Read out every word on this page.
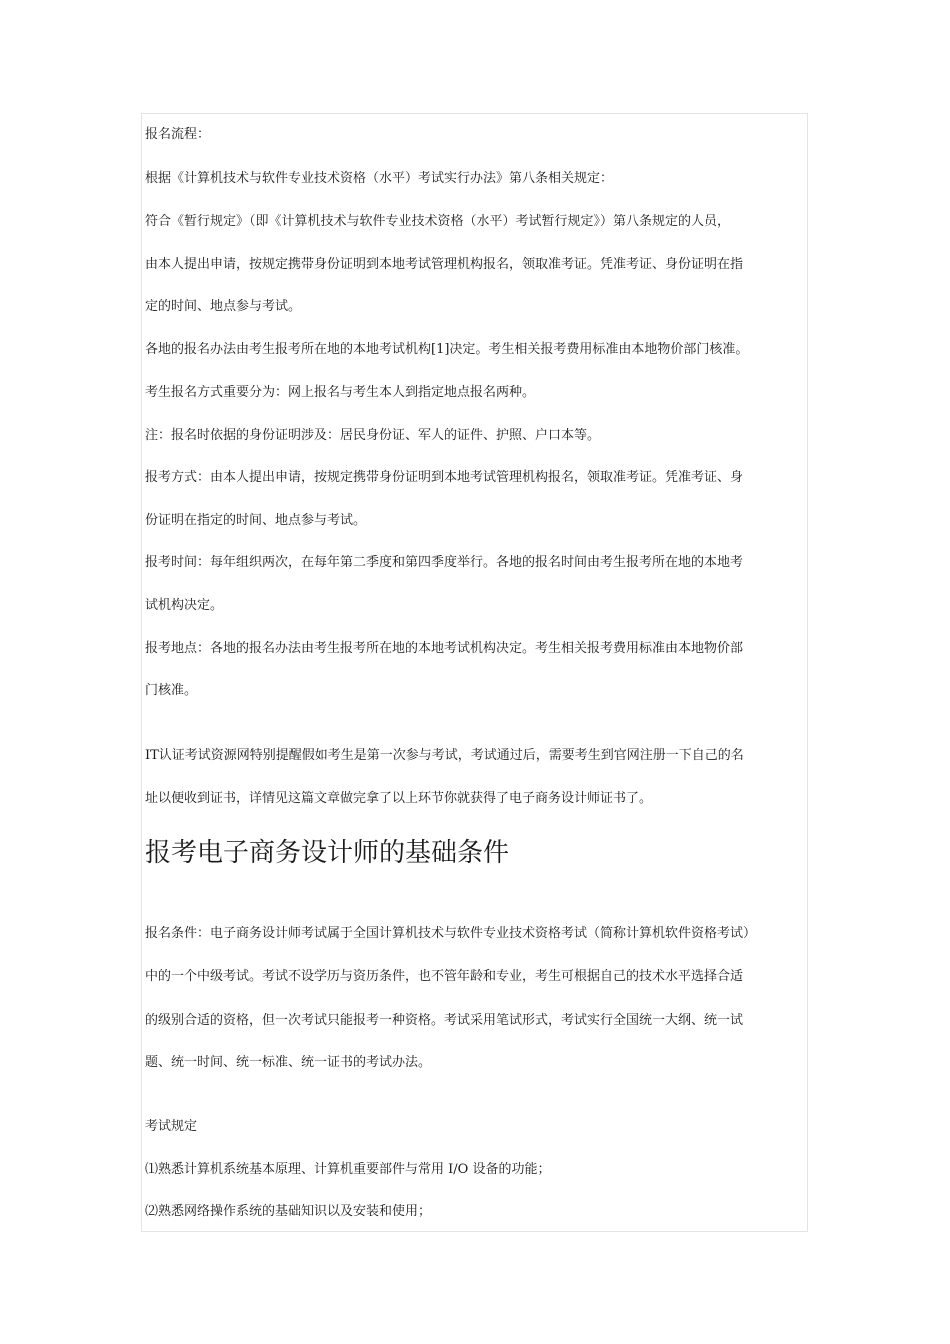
报名流程：
根据《计算机技术与软件专业技术资格（水平）考试实行办法》第八条相关规定：
符合《暂行规定》（即《计算机技术与软件专业技术资格（水平）考试暂行规定》）第八条规定的人员，
由本人提出申请，按规定携带身份证明到本地考试管理机构报名，领取准考证。凭准考证、身份证明在指
定的时间、地点参与考试。
各地的报名办法由考生报考所在地的本地考试机构[1]决定。考生相关报考费用标准由本地物价部门核准。
考生报名方式重要分为：网上报名与考生本人到指定地点报名两种。
注：报名时依据的身份证明涉及：居民身份证、军人的证件、护照、户口本等。
报考方式：由本人提出申请，按规定携带身份证明到本地考试管理机构报名，领取准考证。凭准考证、身
份证明在指定的时间、地点参与考试。
报考时间：每年组织两次，在每年第二季度和第四季度举行。各地的报名时间由考生报考所在地的本地考
试机构决定。
报考地点：各地的报名办法由考生报考所在地的本地考试机构决定。考生相关报考费用标准由本地物价部
门核准。
IT认证考试资源网特别提醒假如考生是第一次参与考试，考试通过后，需要考生到官网注册一下自己的名
址以便收到证书，详情见这篇文章做完拿了以上环节你就获得了电子商务设计师证书了。
报考电子商务设计师的基础条件
报名条件：电子商务设计师考试属于全国计算机技术与软件专业技术资格考试（简称计算机软件资格考试）
中的一个中级考试。考试不设学历与资历条件，也不管年龄和专业，考生可根据自己的技术水平选择合适
的级别合适的资格，但一次考试只能报考一种资格。考试采用笔试形式，考试实行全国统一大纲、统一试
题、统一时间、统一标准、统一证书的考试办法。
考试规定
⑴熟悉计算机系统基本原理、计算机重要部件与常用 I/O 设备的功能；
⑵熟悉网络操作系统的基础知识以及安装和使用；
